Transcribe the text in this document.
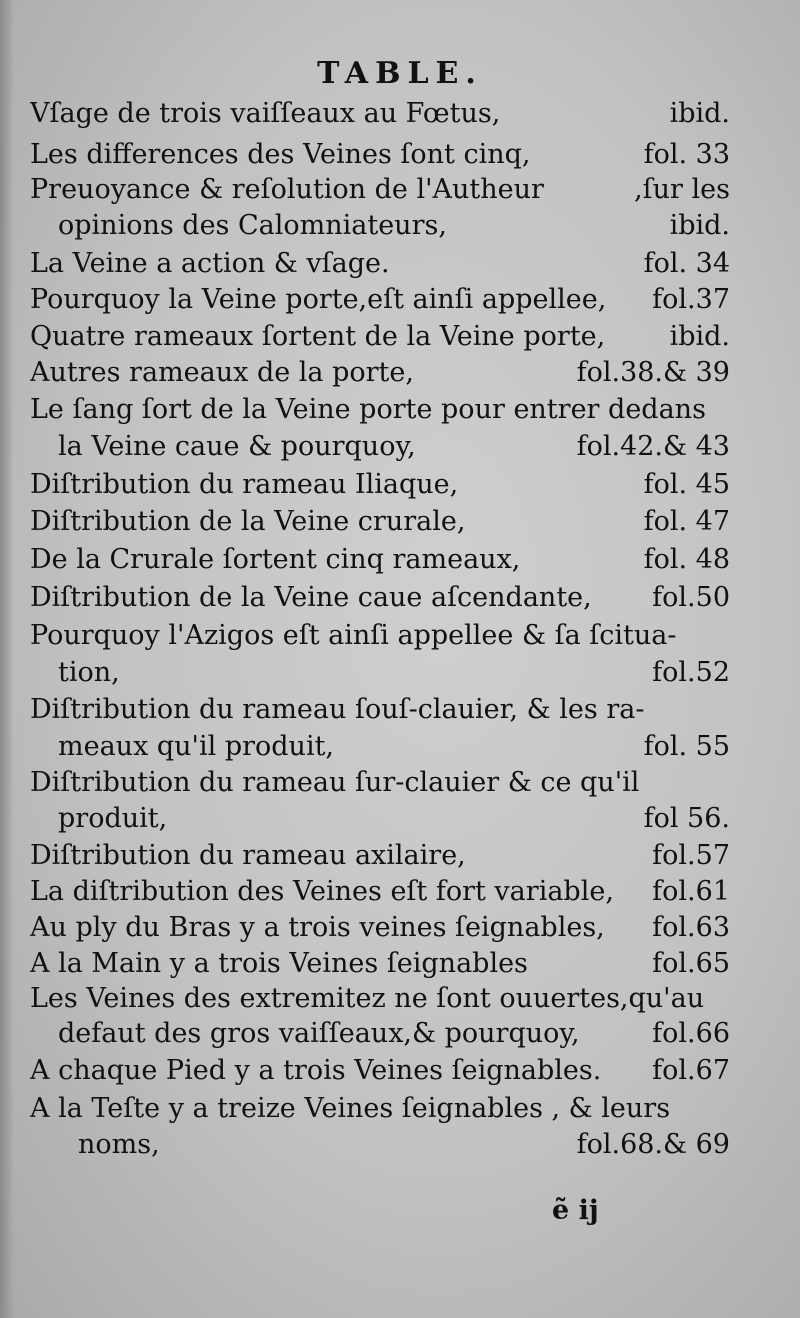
TABLE.
Vſage de trois vaiſſeaux au Fœtus,	ibid.
Les differences des Veines ſont cinq,	fol. 33
Preuoyance & reſolution de l'Autheur	,ſur les
opinions des Calomniateurs,	ibid.
La Veine a action & vſage.	fol. 34
Pourquoy la Veine porte,eſt ainſi appellee,	fol.37
Quatre rameaux ſortent de la Veine porte,	ibid.
Autres rameaux de la porte,	fol.38.& 39
Le ſang ſort de la Veine porte pour entrer dedans
la Veine caue & pourquoy,	fol.42.& 43
Diſtribution du rameau Iliaque,	fol. 45
Diſtribution de la Veine crurale,	fol. 47
De la Crurale ſortent cinq rameaux,	fol. 48
Diſtribution de la Veine caue aſcendante,	fol.50
Pourquoy l'Azigos eſt ainſi appellee & ſa ſcitua-
tion,	fol.52
Diſtribution du rameau ſouſ-clauier, & les ra-
meaux qu'il produit,	fol. 55
Diſtribution du rameau ſur-clauier & ce qu'il
produit,	fol 56.
Diſtribution du rameau axilaire,	fol.57
La diſtribution des Veines eſt fort variable,	fol.61
Au ply du Bras y a trois veines ſeignables,	fol.63
A la Main y a trois Veines ſeignables	fol.65
Les Veines des extremitez ne ſont ouuertes,qu'au
defaut des gros vaiſſeaux,& pourquoy,	fol.66
A chaque Pied y a trois Veines ſeignables.	fol.67
A la Teſte y a treize Veines ſeignables , & leurs
noms,	fol.68.& 69
ẽ ij
